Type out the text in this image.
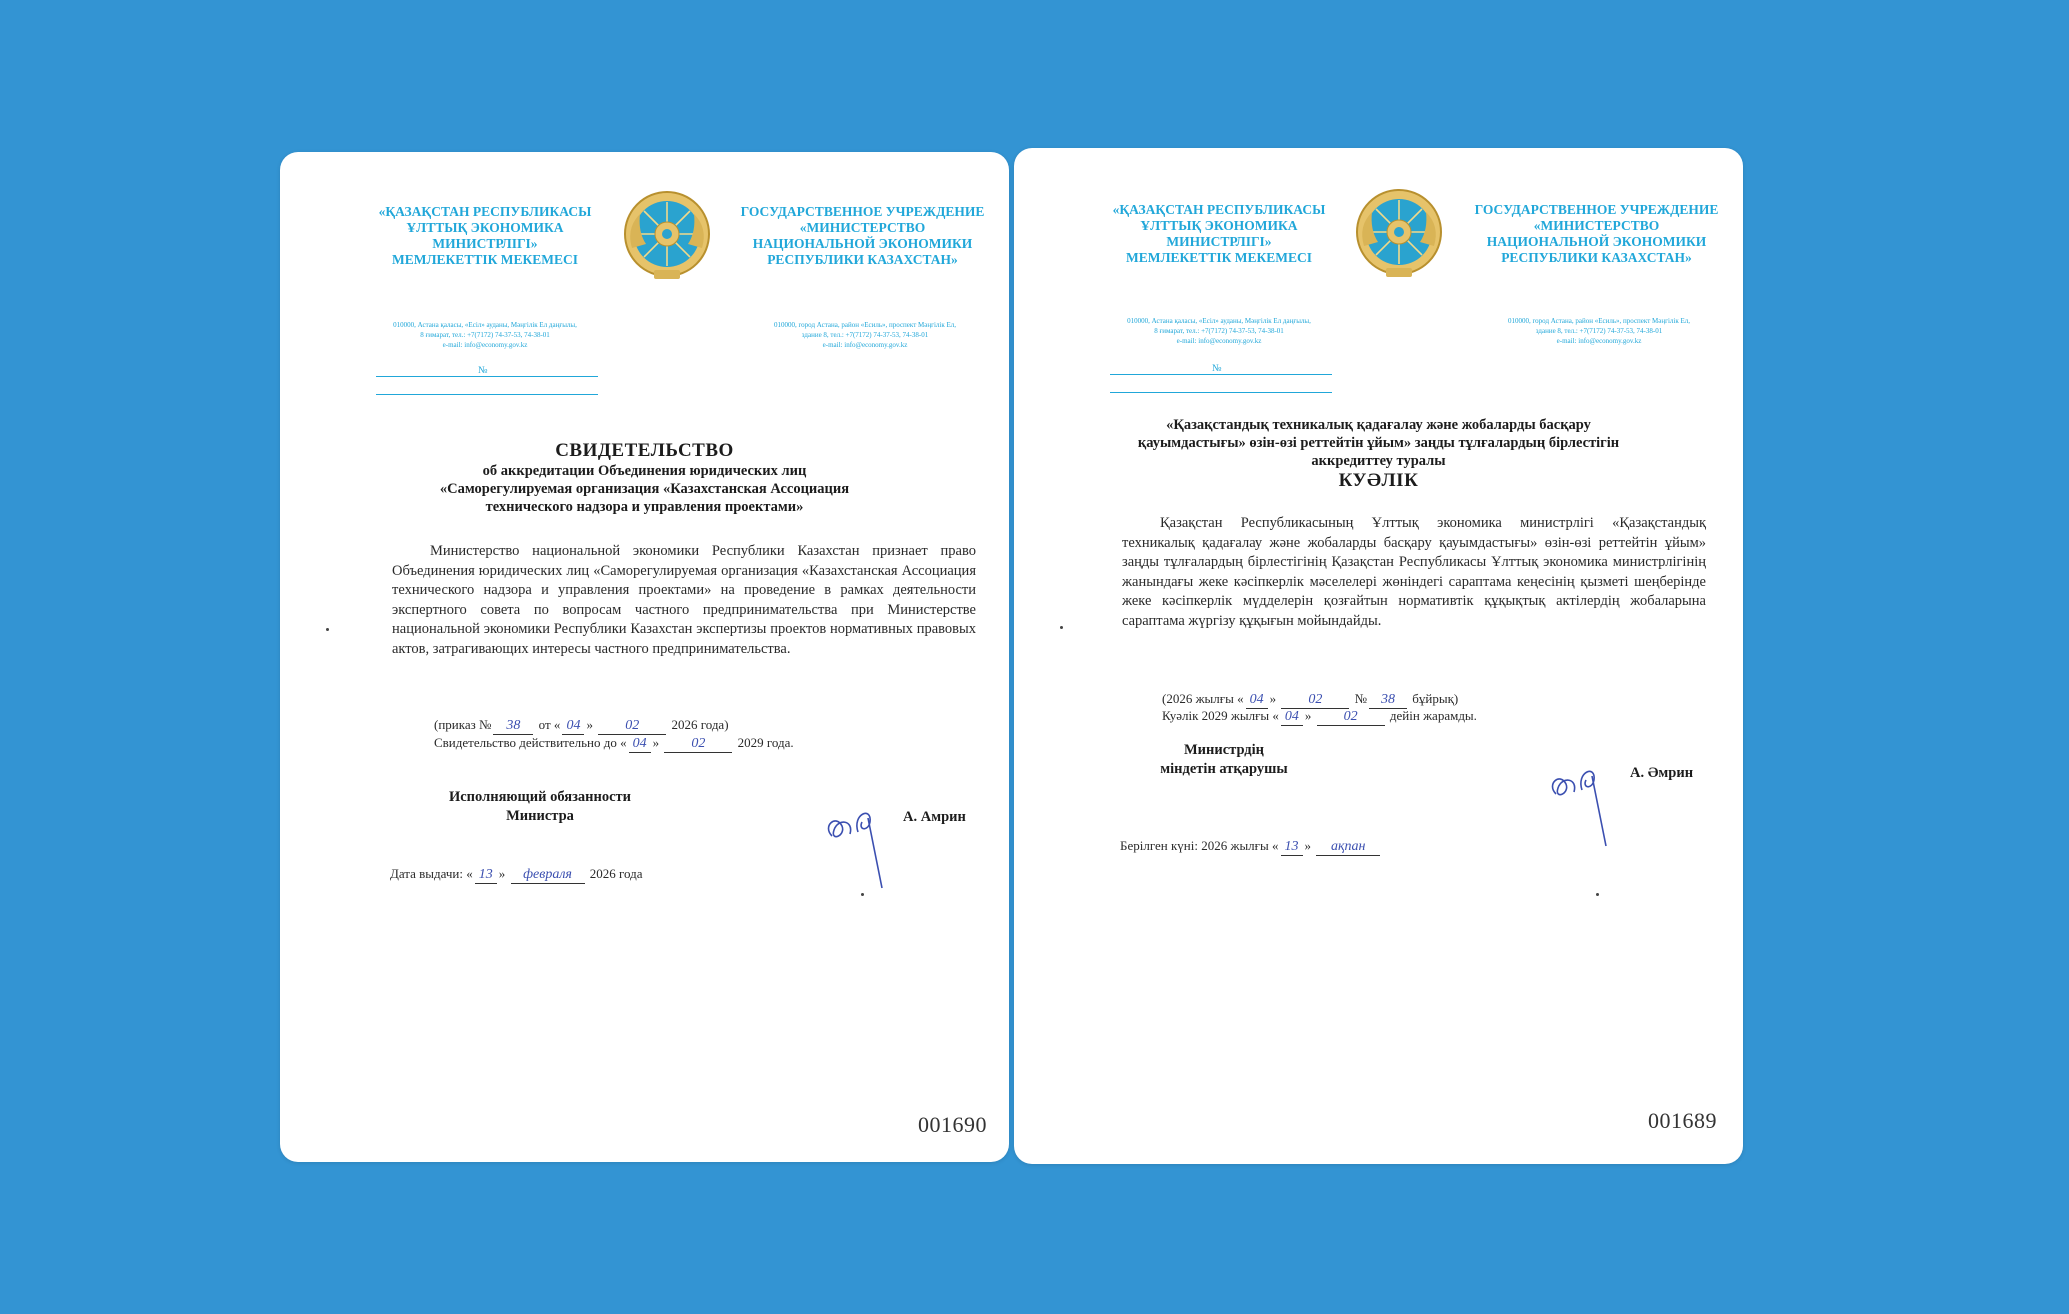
«ҚАЗАҚСТАН РЕСПУБЛИКАСЫ
ҰЛТТЫҚ ЭКОНОМИКА
МИНИСТРЛІГІ»
МЕМЛЕКЕТТІК МЕКЕМЕСІ
ГОСУДАРСТВЕННОЕ УЧРЕЖДЕНИЕ
«МИНИСТЕРСТВО
НАЦИОНАЛЬНОЙ ЭКОНОМИКИ
РЕСПУБЛИКИ КАЗАХСТАН»
010000, Астана қаласы, «Есіл» ауданы, Мәңгілік Ел даңғылы,
8 ғимарат, тел.: +7(7172) 74-37-53, 74-38-01
e-mail: info@economy.gov.kz
010000, город Астана, район «Есиль», проспект Мәңгілік Ел,
здание 8, тел.: +7(7172) 74-37-53, 74-38-01
e-mail: info@economy.gov.kz
№
СВИДЕТЕЛЬСТВО
об аккредитации Объединения юридических лиц
«Саморегулируемая организация «Казахстанская Ассоциация
технического надзора и управления проектами»
Министерство национальной экономики Республики Казахстан признает право Объединения юридических лиц «Саморегулируемая организация «Казахстанская Ассоциация технического надзора и управления проектами» на проведение в рамках деятельности экспертного совета по вопросам частного предпринимательства при Министерстве национальной экономики Республики Казахстан экспертизы проектов нормативных правовых актов, затрагивающих интересы частного предпринимательства.
(приказ № 38 от « 04 » 02 2026 года)
Свидетельство действительно до « 04 » 02 2029 года.
Исполняющий обязанности
Министра	А. Амрин
Дата выдачи: « 13 » февраля 2026 года
001690
«ҚАЗАҚСТАН РЕСПУБЛИКАСЫ
ҰЛТТЫҚ ЭКОНОМИКА
МИНИСТРЛІГІ»
МЕМЛЕКЕТТІК МЕКЕМЕСІ
ГОСУДАРСТВЕННОЕ УЧРЕЖДЕНИЕ
«МИНИСТЕРСТВО
НАЦИОНАЛЬНОЙ ЭКОНОМИКИ
РЕСПУБЛИКИ КАЗАХСТАН»
010000, Астана қаласы, «Есіл» ауданы, Мәңгілік Ел даңғылы,
8 ғимарат, тел.: +7(7172) 74-37-53, 74-38-01
e-mail: info@economy.gov.kz
010000, город Астана, район «Есиль», проспект Мәңгілік Ел,
здание 8, тел.: +7(7172) 74-37-53, 74-38-01
e-mail: info@economy.gov.kz
№
«Қазақстандық техникалық қадағалау және жобаларды басқару
қауымдастығы» өзін-өзі реттейтін ұйым» заңды тұлғалардың бірлестігін
аккредиттеу туралы
КУӘЛІК
Қазақстан Республикасының Ұлттық экономика министрлігі «Қазақстандық техникалық қадағалау және жобаларды басқару қауымдастығы» өзін-өзі реттейтін ұйым» заңды тұлғалардың бірлестігінің Қазақстан Республикасы Ұлттық экономика министрлігінің жанындағы жеке кәсіпкерлік мәселелері жөніндегі сараптама кеңесінің қызметі шеңберінде жеке кәсіпкерлік мүдделерін қозғайтын нормативтік құқықтық актілердің жобаларына сараптама жүргізу құқығын мойындайды.
(2026 жылғы « 04 » 02 № 38 бұйрық)
Куәлік 2029 жылғы « 04 » 02 дейін жарамды.
Министрдің
міндетін атқарушы	А. Әмрин
Берілген күні: 2026 жылғы « 13 » ақпан
001689
